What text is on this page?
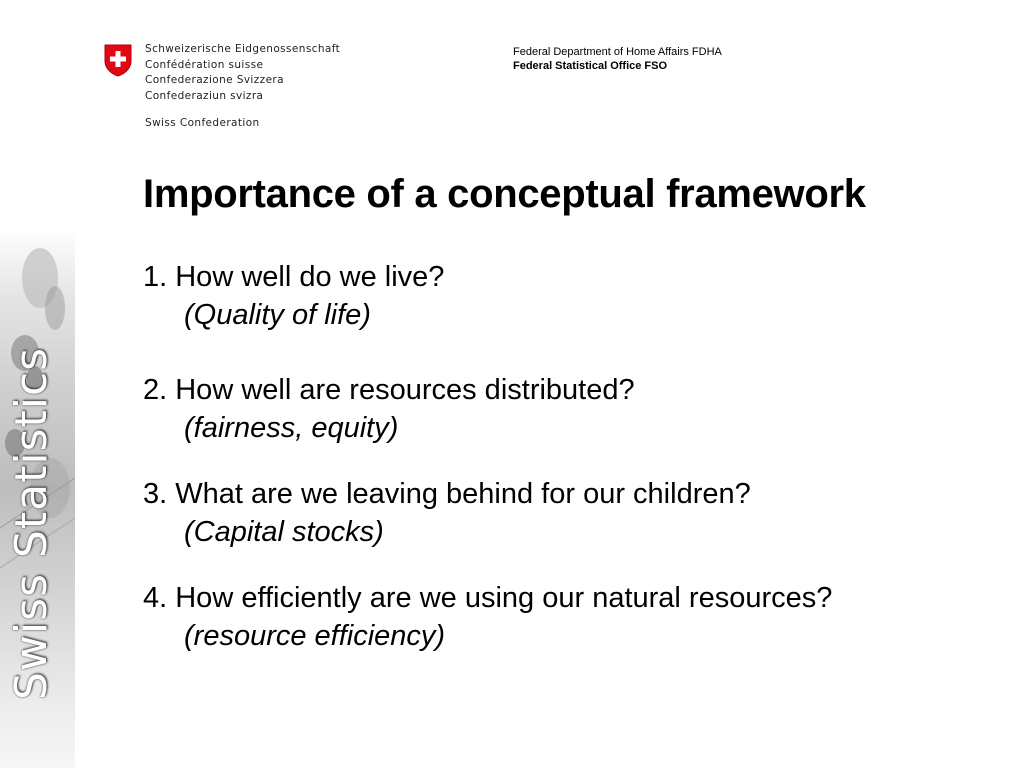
Schweizerische Eidgenossenschaft
Confédération suisse
Confederazione Svizzera
Confederaziun svizra
Swiss Confederation
Federal Department of Home Affairs FDHA
Federal Statistical Office FSO
Swiss Statistics
Importance of a conceptual framework
1. How well do we live?
(Quality of life)
2. How well are resources distributed?
(fairness, equity)
3. What are we leaving behind for our children?
(Capital stocks)
4. How efficiently are we using our natural resources?
(resource efficiency)
